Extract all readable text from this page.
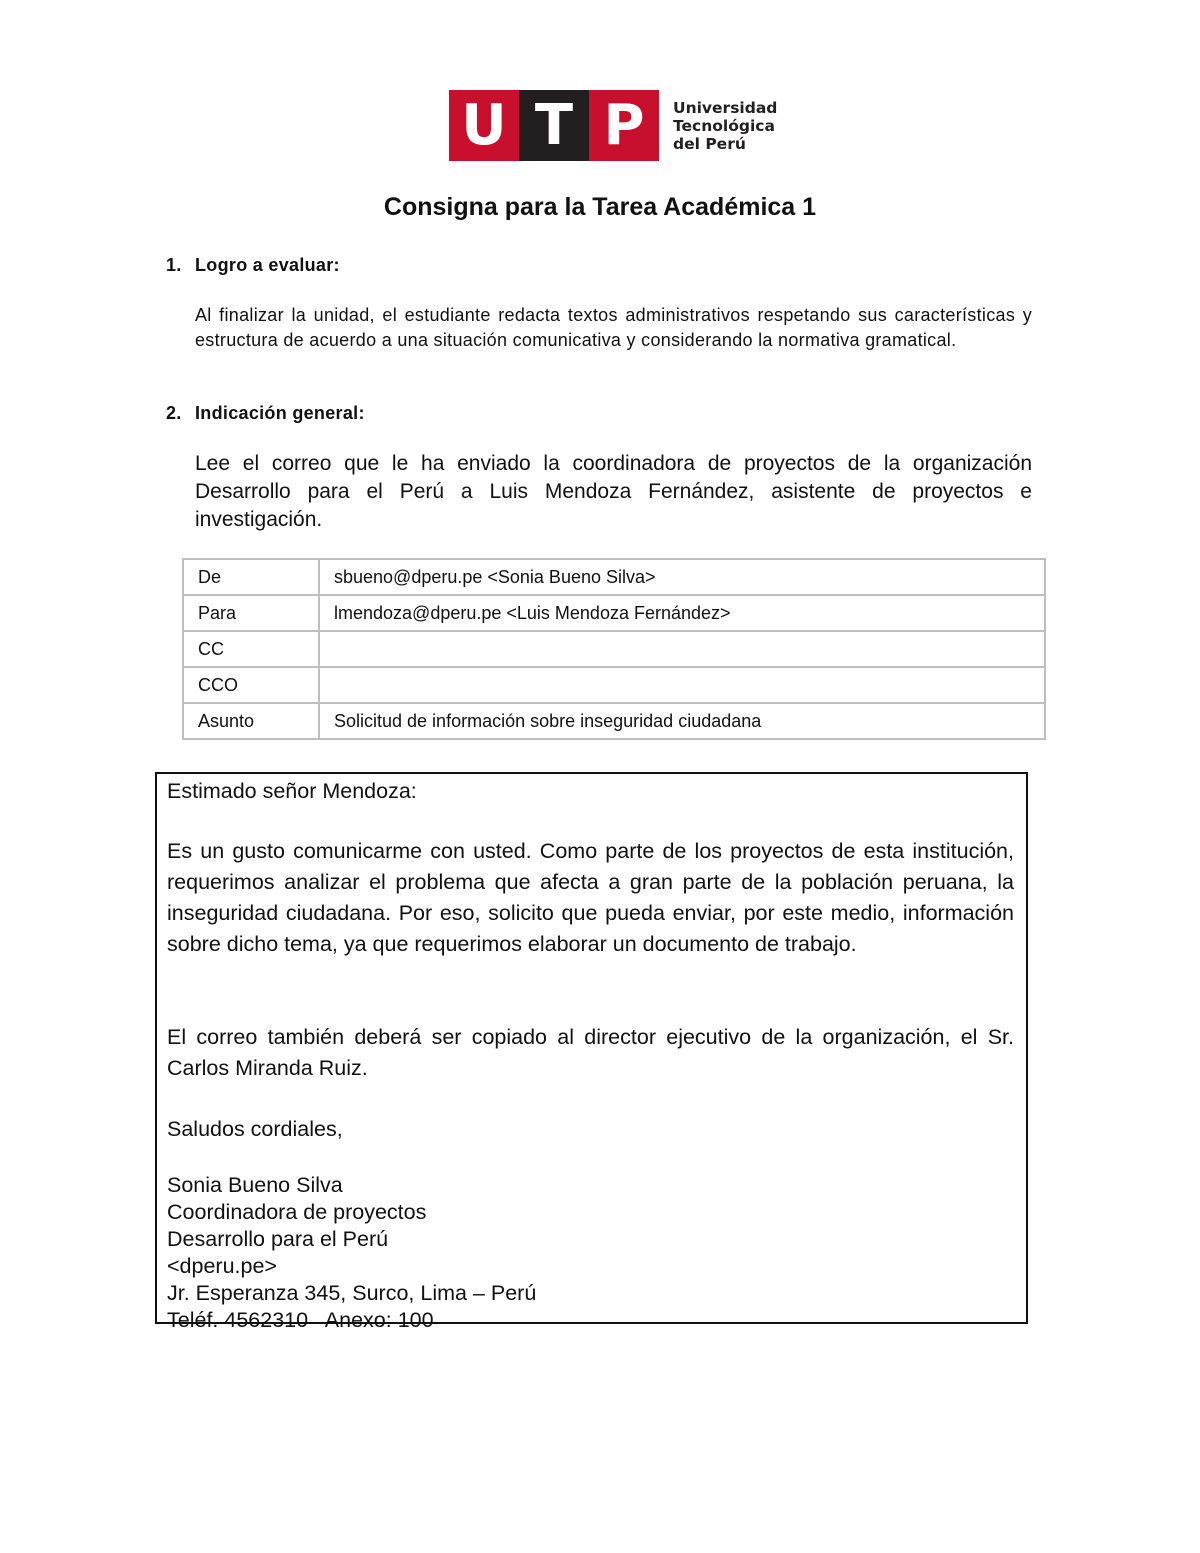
U T P	Universidad
Tecnológica
del Perú
Consigna para la Tarea Académica 1
1. Logro a evaluar:
Al finalizar la unidad, el estudiante redacta textos administrativos respetando sus características y estructura de acuerdo a una situación comunicativa y considerando la normativa gramatical.
2. Indicación general:
Lee el correo que le ha enviado la coordinadora de proyectos de la organización Desarrollo para el Perú a Luis Mendoza Fernández, asistente de proyectos e investigación.
De	sbueno@dperu.pe <Sonia Bueno Silva>
Para	lmendoza@dperu.pe <Luis Mendoza Fernández>
CC	
CCO	
Asunto	Solicitud de información sobre inseguridad ciudadana

Estimado señor Mendoza:

Es un gusto comunicarme con usted. Como parte de los proyectos de esta institución, requerimos analizar el problema que afecta a gran parte de la población peruana, la inseguridad ciudadana. Por eso, solicito que pueda enviar, por este medio, información sobre dicho tema, ya que requerimos elaborar un documento de trabajo.

El correo también deberá ser copiado al director ejecutivo de la organización, el Sr. Carlos Miranda Ruiz.

Saludos cordiales,

Sonia Bueno Silva
Coordinadora de proyectos
Desarrollo para el Perú
<dperu.pe>
Jr. Esperanza 345, Surco, Lima – Perú
Teléf. 4562310   Anexo: 100
